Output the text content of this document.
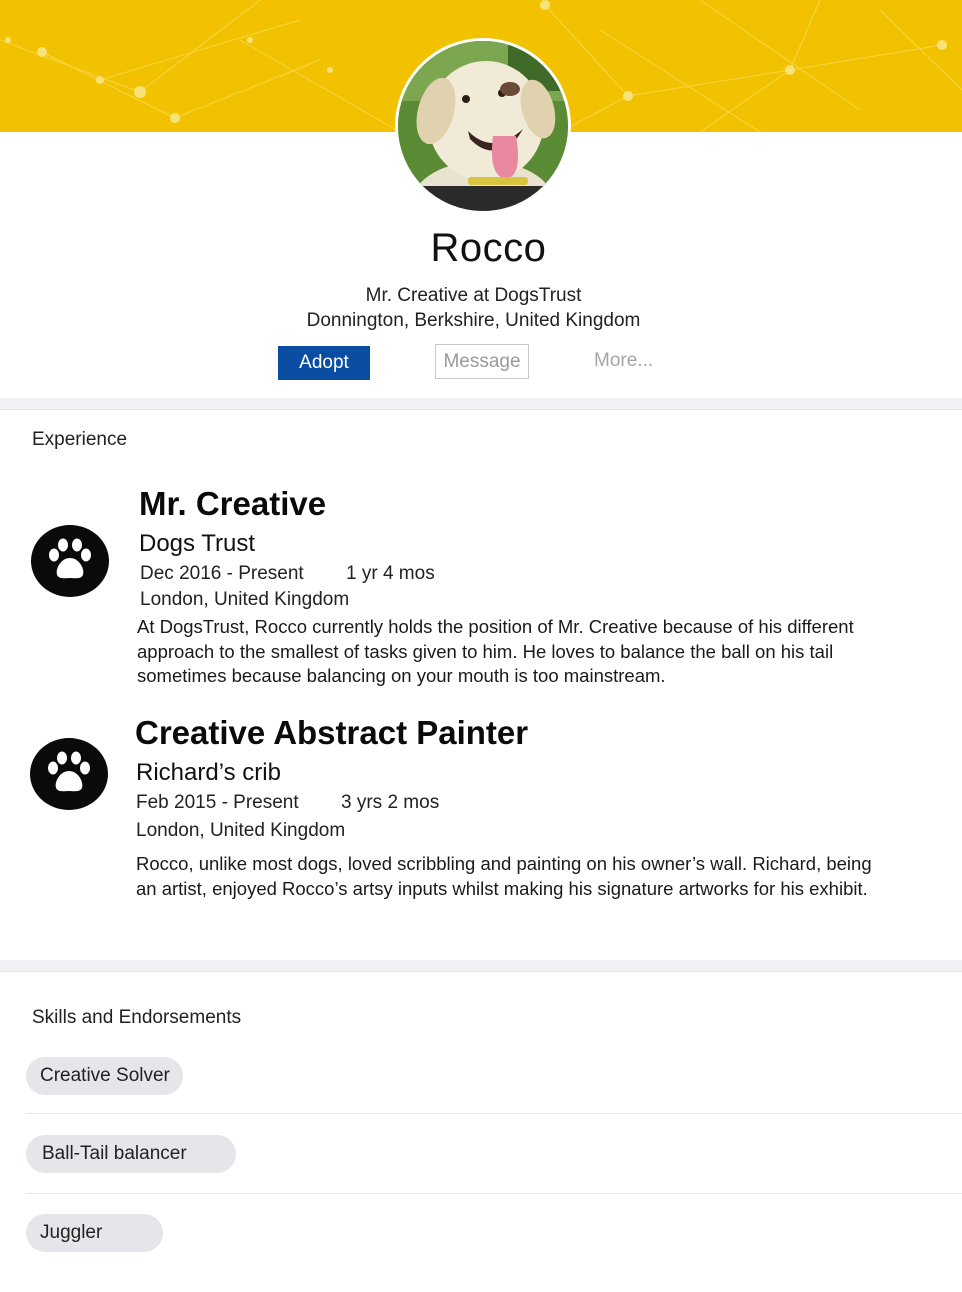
Rocco
Mr. Creative at DogsTrust
Donnington, Berkshire, United Kingdom
Adopt	Message	More...
Experience
Mr. Creative
Dogs Trust
Dec 2016 - Present 1 yr 4 mos
London, United Kingdom
At DogsTrust, Rocco currently holds the position of Mr. Creative because of his different
approach to the smallest of tasks given to him. He loves to balance the ball on his tail
sometimes because balancing on your mouth is too mainstream.
Creative Abstract Painter
Richard’s crib
Feb 2015 - Present 3 yrs 2 mos
London, United Kingdom
Rocco, unlike most dogs, loved scribbling and painting on his owner’s wall. Richard, being
an artist, enjoyed Rocco’s artsy inputs whilst making his signature artworks for his exhibit.
Skills and Endorsements
Creative Solver
Ball-Tail balancer
Juggler
